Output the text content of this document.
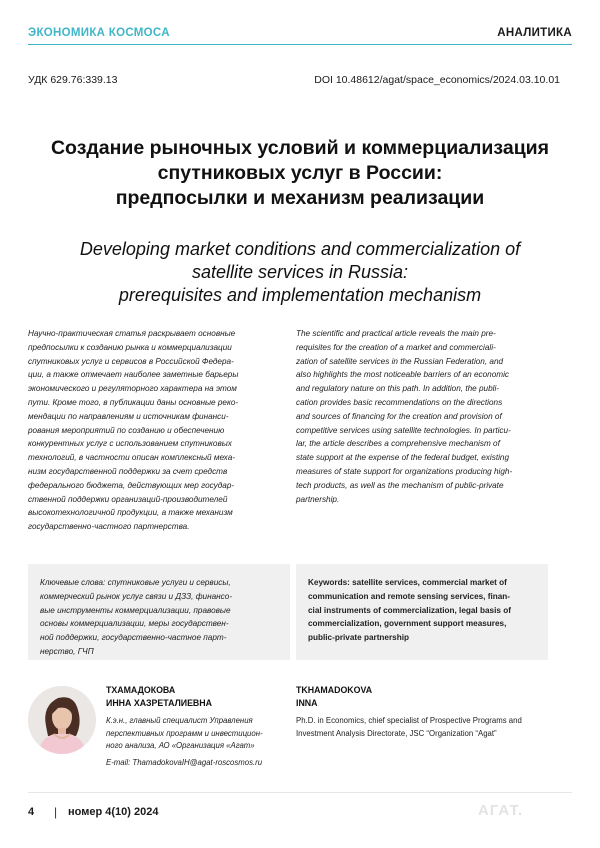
ЭКОНОМИКА КОСМОСА	АНАЛИТИКА
УДК 629.76:339.13	DOI 10.48612/agat/space_economics/2024.03.10.01
Создание рыночных условий и коммерциализация
спутниковых услуг в России:
предпосылки и механизм реализации
Developing market conditions and commercialization of
satellite services in Russia:
prerequisites and implementation mechanism
Научно-практическая статья раскрывает основные
предпосылки к созданию рынка и коммерциализации
спутниковых услуг и сервисов в Российской Федера-
ции, а также отмечает наиболее заметные барьеры
экономического и регуляторного характера на этом
пути. Кроме того, в публикации даны основные реко-
мендации по направлениям и источникам финанси-
рования мероприятий по созданию и обеспечению
конкурентных услуг с использованием спутниковых
технологий, в частности описан комплексный меха-
низм государственной поддержки за счет средств
федерального бюджета, действующих мер государ-
ственной поддержки организаций-производителей
высокотехнологичной продукции, а также механизм
государственно-частного партнерства.
The scientific and practical article reveals the main pre-
requisites for the creation of a market and commerciali-
zation of satellite services in the Russian Federation, and
also highlights the most noticeable barriers of an economic
and regulatory nature on this path. In addition, the publi-
cation provides basic recommendations on the directions
and sources of financing for the creation and provision of
competitive services using satellite technologies. In particu-
lar, the article describes a comprehensive mechanism of
state support at the expense of the federal budget, existing
measures of state support for organizations producing high-
tech products, as well as the mechanism of public-private
partnership.
Ключевые слова: спутниковые услуги и сервисы,
коммерческий рынок услуг связи и ДЗЗ, финансо-
вые инструменты коммерциализации, правовые
основы коммерциализации, меры государствен-
ной поддержки, государственно-частное парт-
нерство, ГЧП
Keywords: satellite services, commercial market of
communication and remote sensing services, finan-
cial instruments of commercialization, legal basis of
commercialization, government support measures,
public-private partnership
ТХАМАДОКОВА
ИННА ХАЗРЕТАЛИЕВНА
К.э.н., главный специалист Управления
перспективных программ и инвестицион-
ного анализа, АО «Организация «Агат»
E-mail: ThamadokovaIH@agat-roscosmos.ru
TKHAMADOKOVA
INNA
Ph.D. in Economics, chief specialist of Prospective Programs and
Investment Analysis Directorate, JSC “Organization “Agat”
4 | номер 4(10) 2024	АГАТ.
